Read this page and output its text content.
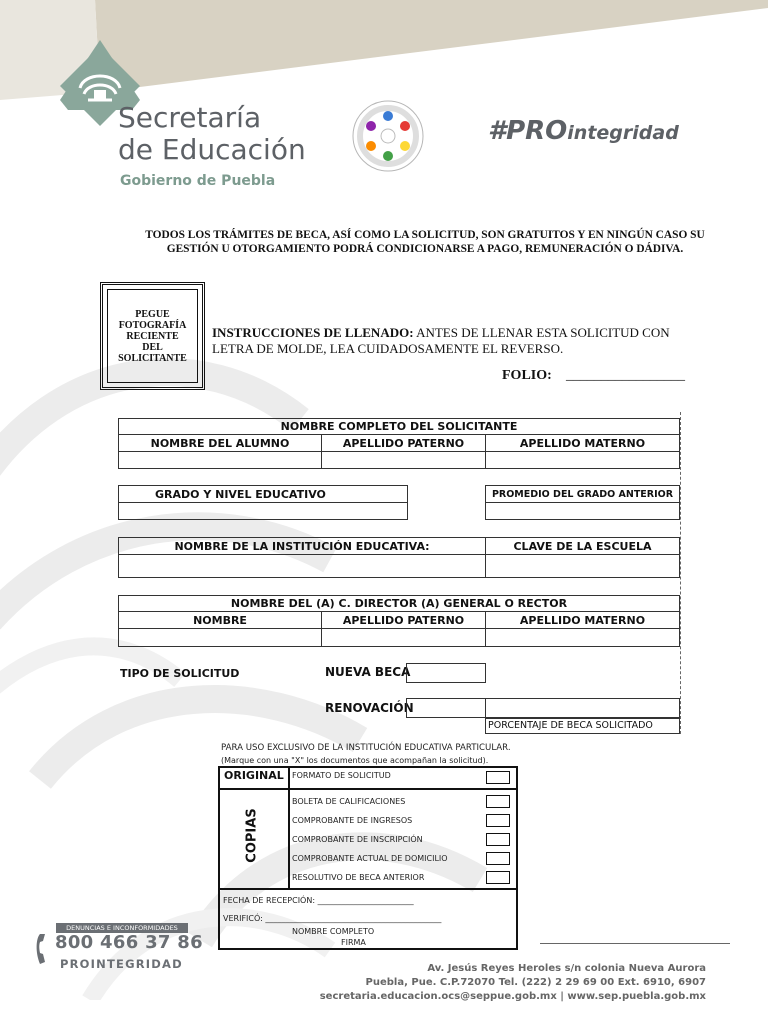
Secretaría
de Educación
Gobierno de Puebla
#PROintegridad
TODOS LOS TRÁMITES DE BECA, ASÍ COMO LA SOLICITUD, SON GRATUITOS Y EN NINGÚN CASO SU
GESTIÓN U OTORGAMIENTO PODRÁ CONDICIONARSE A PAGO, REMUNERACIÓN O DÁDIVA.
PEGUE
FOTOGRAFÍA
RECIENTE
DEL
SOLICITANTE
INSTRUCCIONES DE LLENADO: ANTES DE LLENAR ESTA SOLICITUD CON
LETRA DE MOLDE, LEA CUIDADOSAMENTE EL REVERSO.
FOLIO: _________________
NOMBRE COMPLETO DEL SOLICITANTE
NOMBRE DEL ALUMNO	APELLIDO PATERNO	APELLIDO MATERNO
GRADO Y NIVEL EDUCATIVO	PROMEDIO DEL GRADO ANTERIOR
NOMBRE DE LA INSTITUCIÓN EDUCATIVA:	CLAVE DE LA ESCUELA
NOMBRE DEL (A) C. DIRECTOR (A) GENERAL O RECTOR
NOMBRE	APELLIDO PATERNO	APELLIDO MATERNO
TIPO DE SOLICITUD	NUEVA BECA
RENOVACIÓN
PORCENTAJE DE BECA SOLICITADO
PARA USO EXCLUSIVO DE LA INSTITUCIÓN EDUCATIVA PARTICULAR.
(Marque con una "X" los documentos que acompañan la solicitud).
ORIGINAL FORMATO DE SOLICITUD
COPIAS
BOLETA DE CALIFICACIONES
COMPROBANTE DE INGRESOS
COMPROBANTE DE INSCRIPCIÓN
COMPROBANTE ACTUAL DE DOMICILIO
RESOLUTIVO DE BECA ANTERIOR
FECHA DE RECEPCIÓN: ________________________
VERIFICÓ: ____________________________________________
NOMBRE COMPLETO
FIRMA
DENUNCIAS E INCONFORMIDADES
800 466 37 86
PROINTEGRIDAD	Av. Jesús Reyes Heroles s/n colonia Nueva Aurora
Puebla, Pue. C.P.72070 Tel. (222) 2 29 69 00 Ext. 6910, 6907
secretaria.educacion.ocs@seppue.gob.mx | www.sep.puebla.gob.mx
